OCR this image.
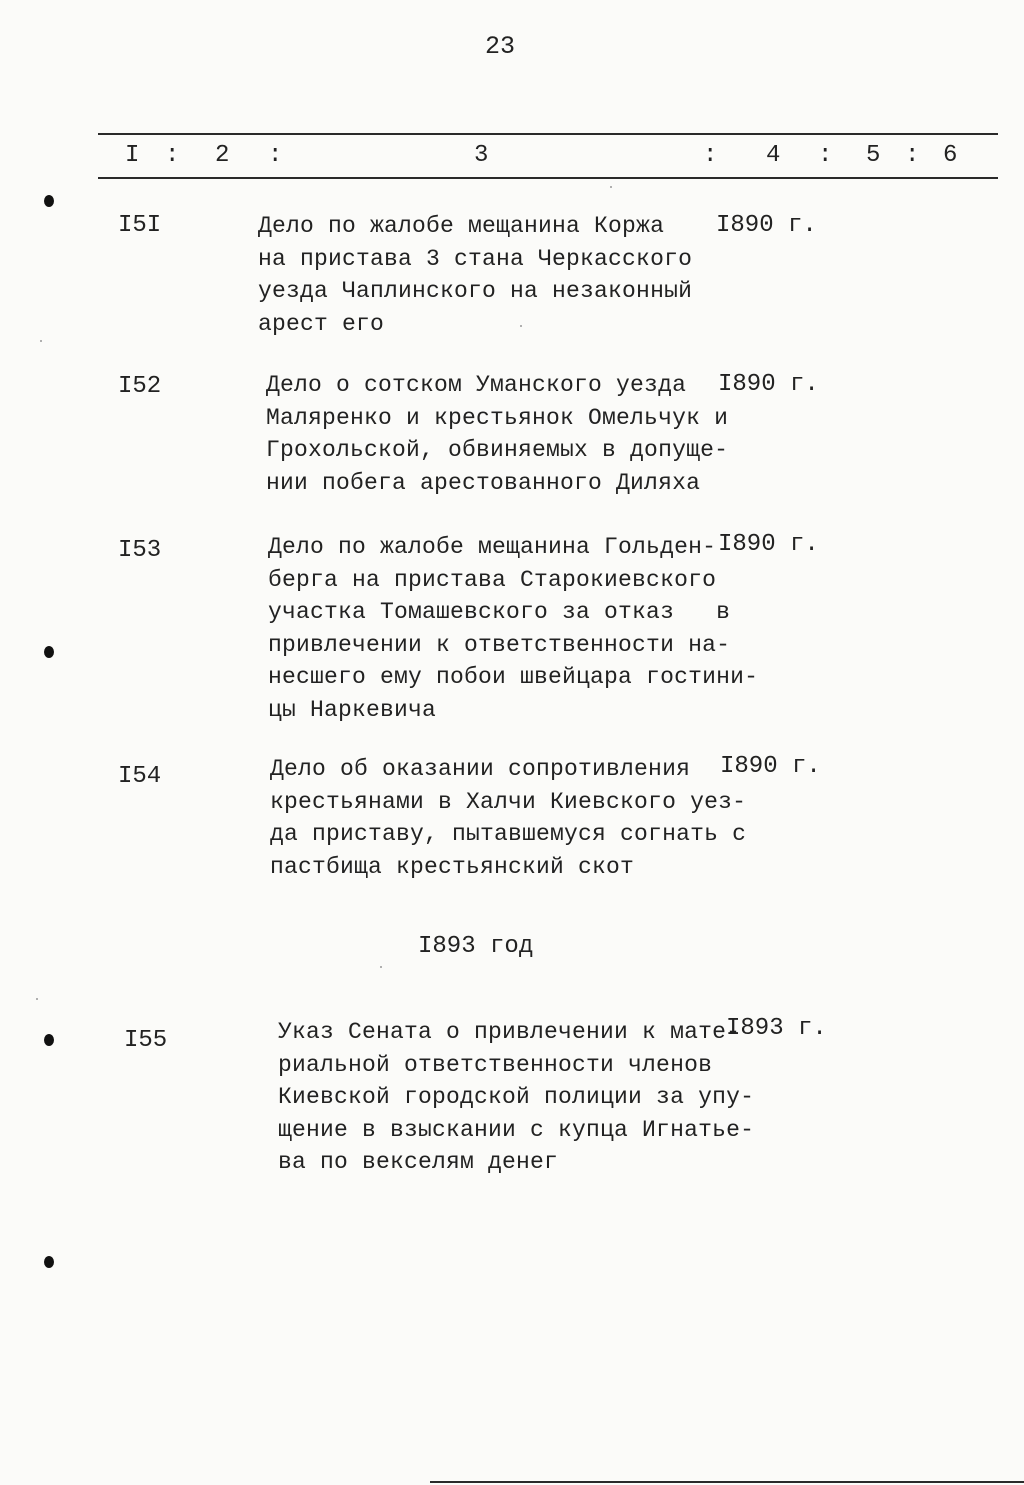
23
I : 2 :	3	: 4 : 5 : 6
I5I	Дело по жалобе мещанина Коржа
на пристава 3 стана Черкасского
уезда Чаплинского на незаконный
арест его
I890 г.
I52	Дело о сотском Уманского уезда
Маляренко и крестьянок Омельчук и
Грохольской, обвиняемых в допуще-
нии побега арестованного Диляха
I890 г.
I53	Дело по жалобе мещанина Гольден-
берга на пристава Старокиевского
участка Томашевского за отказ   в
привлечении к ответственности на-
несшего ему побои швейцара гостини-
цы Наркевича
I890 г.
I54	Дело об оказании сопротивления
крестьянами в Халчи Киевского уез-
да приставу, пытавшемуся согнать с
пастбища крестьянский скот
I890 г.
I893 год
I55	Указ Сената о привлечении к мате-
риальной ответственности членов
Киевской городской полиции за упу-
щение в взыскании с купца Игнатье-
ва по векселям денег
I893 г.
